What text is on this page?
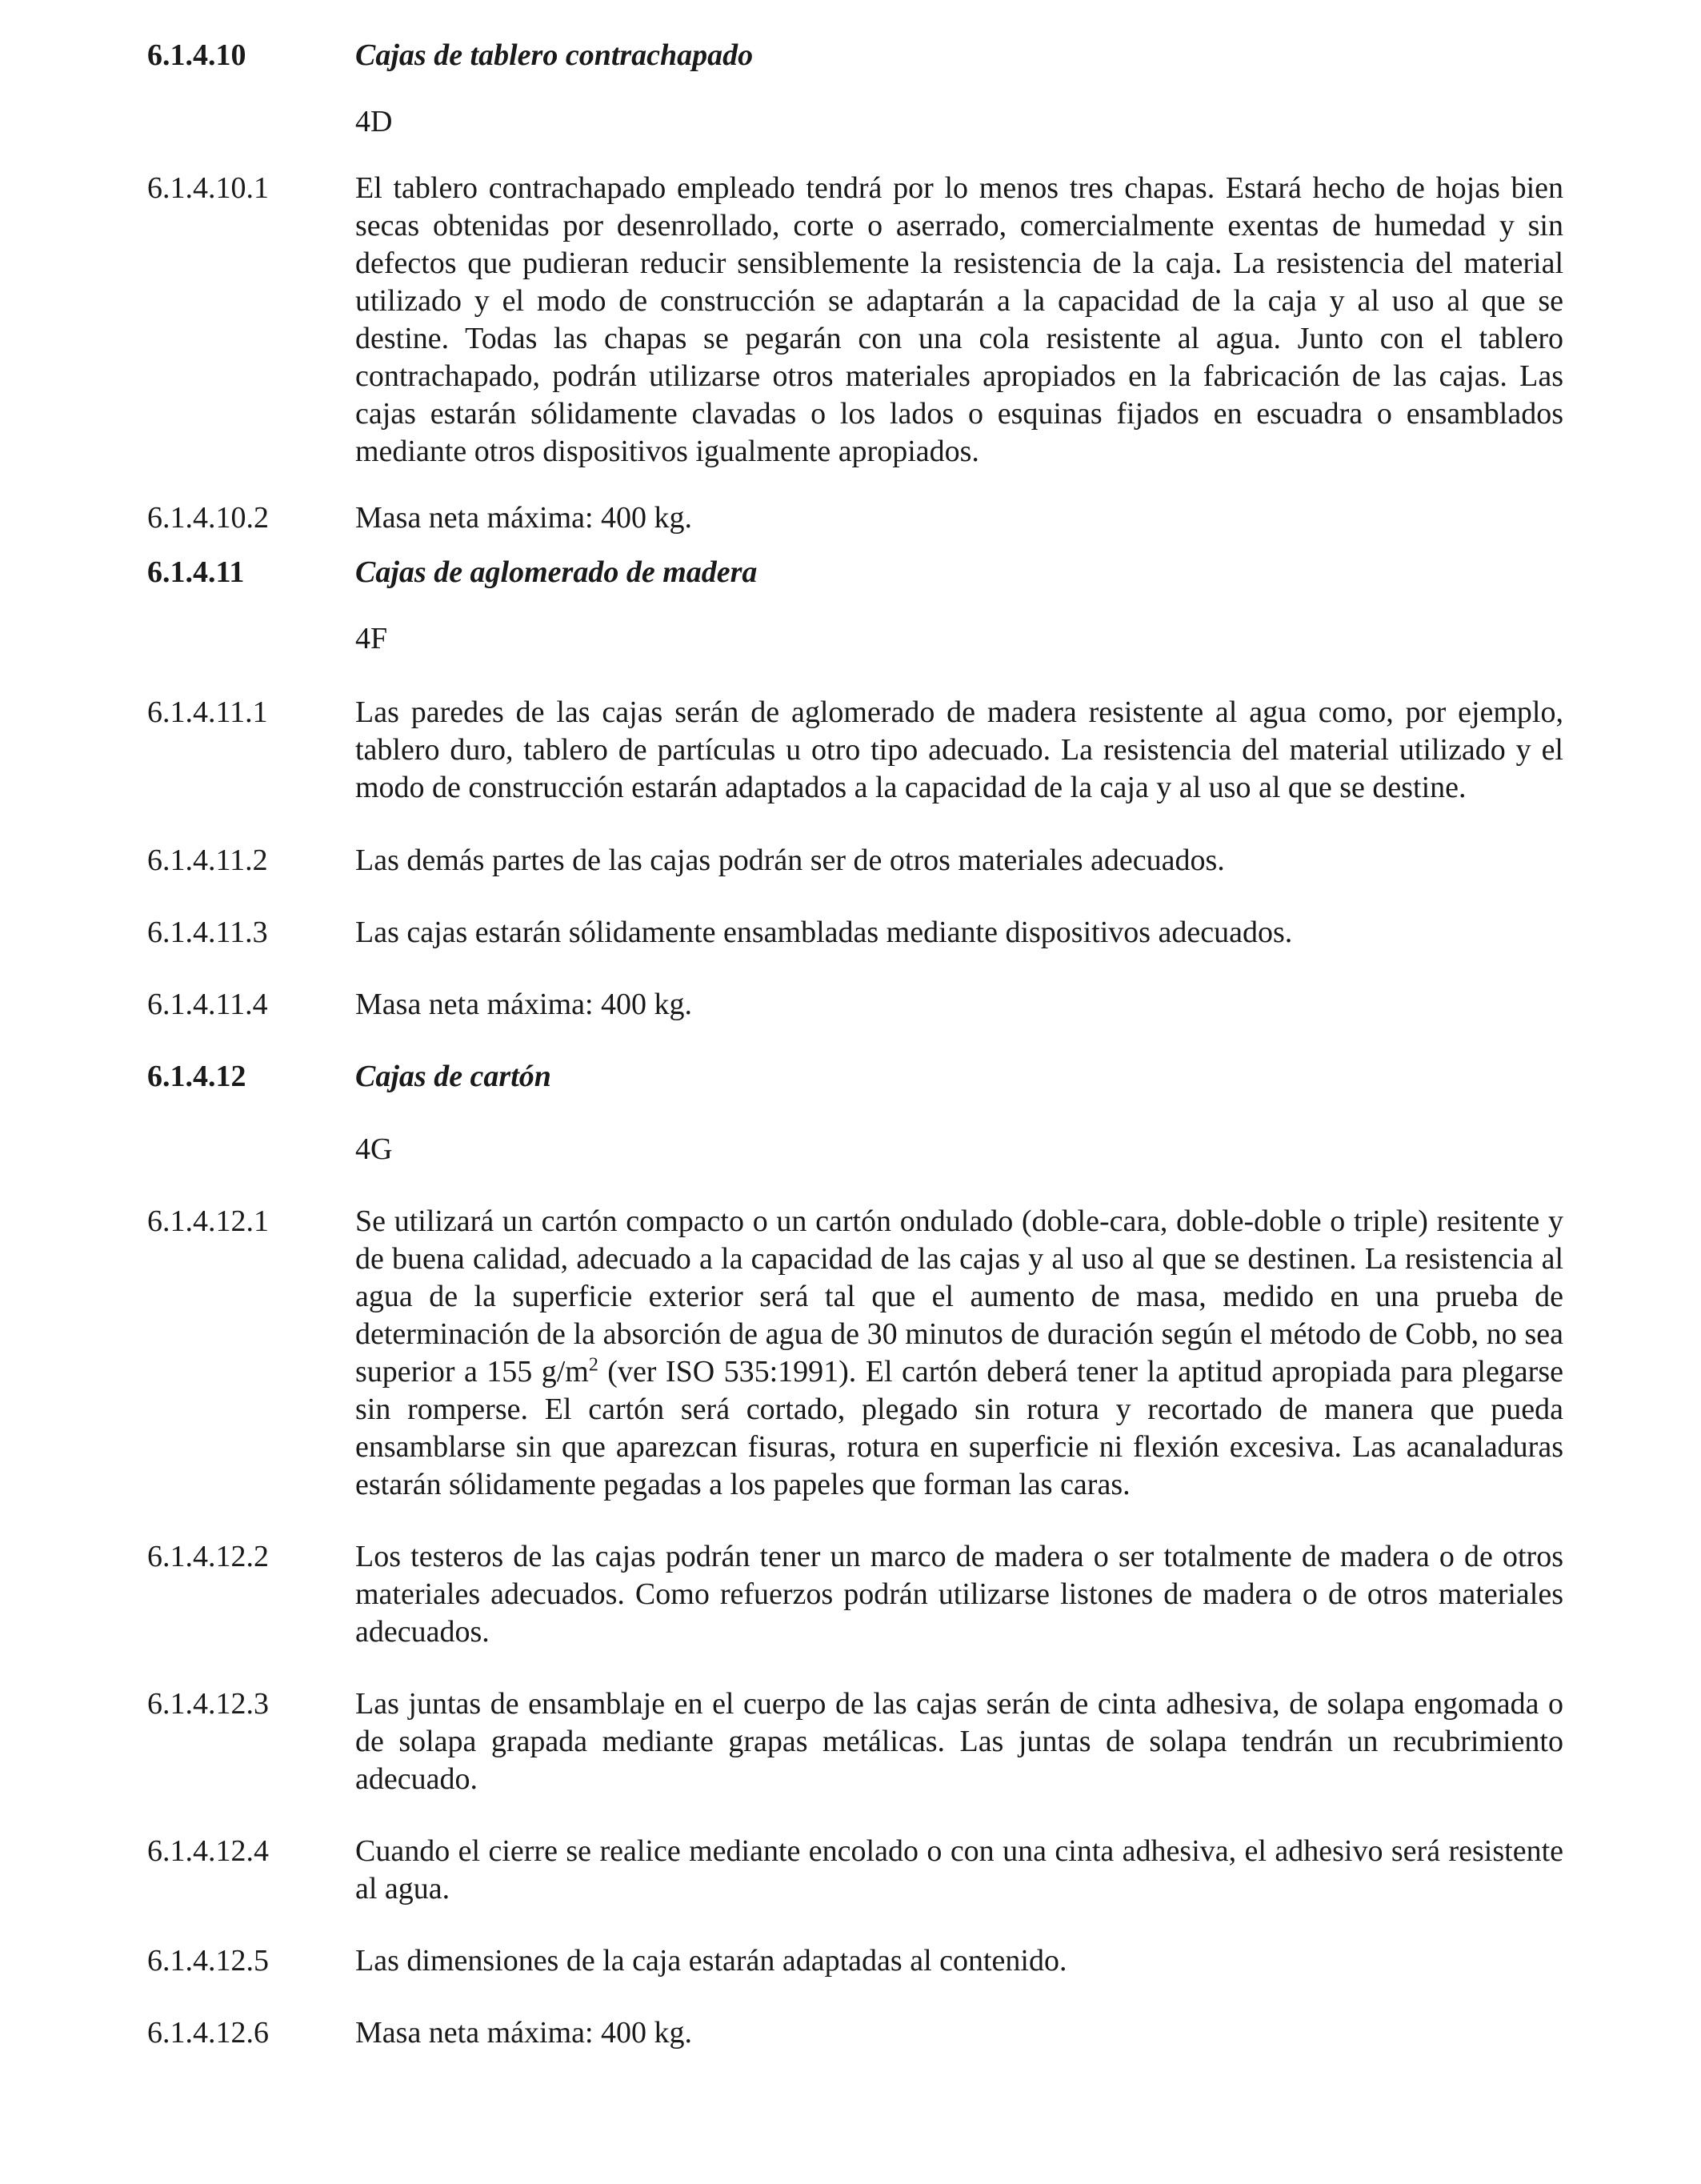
6.1.4.10	Cajas de tablero contrachapado
4D
6.1.4.10.1	El tablero contrachapado empleado tendrá por lo menos tres chapas. Estará hecho de hojas bien secas obtenidas por desenrollado, corte o aserrado, comercialmente exentas de humedad y sin defectos que pudieran reducir sensiblemente la resistencia de la caja. La resistencia del material utilizado y el modo de construcción se adaptarán a la capacidad de la caja y al uso al que se destine. Todas las chapas se pegarán con una cola resistente al agua. Junto con el tablero contrachapado, podrán utilizarse otros materiales apropiados en la fabricación de las cajas. Las cajas estarán sólidamente clavadas o los lados o esquinas fijados en escuadra o ensamblados mediante otros dispositivos igualmente apropiados.
6.1.4.10.2	Masa neta máxima: 400 kg.
6.1.4.11	Cajas de aglomerado de madera
4F
6.1.4.11.1	Las paredes de las cajas serán de aglomerado de madera resistente al agua como, por ejemplo, tablero duro, tablero de partículas u otro tipo adecuado. La resistencia del material utilizado y el modo de construcción estarán adaptados a la capacidad de la caja y al uso al que se destine.
6.1.4.11.2	Las demás partes de las cajas podrán ser de otros materiales adecuados.
6.1.4.11.3	Las cajas estarán sólidamente ensambladas mediante dispositivos adecuados.
6.1.4.11.4	Masa neta máxima: 400 kg.
6.1.4.12	Cajas de cartón
4G
6.1.4.12.1	Se utilizará un cartón compacto o un cartón ondulado (doble-cara, doble-doble o triple) resitente y de buena calidad, adecuado a la capacidad de las cajas y al uso al que se destinen. La resistencia al agua de la superficie exterior será tal que el aumento de masa, medido en una prueba de determinación de la absorción de agua de 30 minutos de duración según el método de Cobb, no sea superior a 155 $g/m^2$ (ver ISO 535:1991). El cartón deberá tener la aptitud apropiada para plegarse sin romperse. El cartón será cortado, plegado sin rotura y recortado de manera que pueda ensamblarse sin que aparezcan fisuras, rotura en superficie ni flexión excesiva. Las acanaladuras estarán sólidamente pegadas a los papeles que forman las caras.
6.1.4.12.2	Los testeros de las cajas podrán tener un marco de madera o ser totalmente de madera o de otros materiales adecuados. Como refuerzos podrán utilizarse listones de madera o de otros materiales adecuados.
6.1.4.12.3	Las juntas de ensamblaje en el cuerpo de las cajas serán de cinta adhesiva, de solapa engomada o de solapa grapada mediante grapas metálicas. Las juntas de solapa tendrán un recubrimiento adecuado.
6.1.4.12.4	Cuando el cierre se realice mediante encolado o con una cinta adhesiva, el adhesivo será resistente al agua.
6.1.4.12.5	Las dimensiones de la caja estarán adaptadas al contenido.
6.1.4.12.6	Masa neta máxima: 400 kg.
